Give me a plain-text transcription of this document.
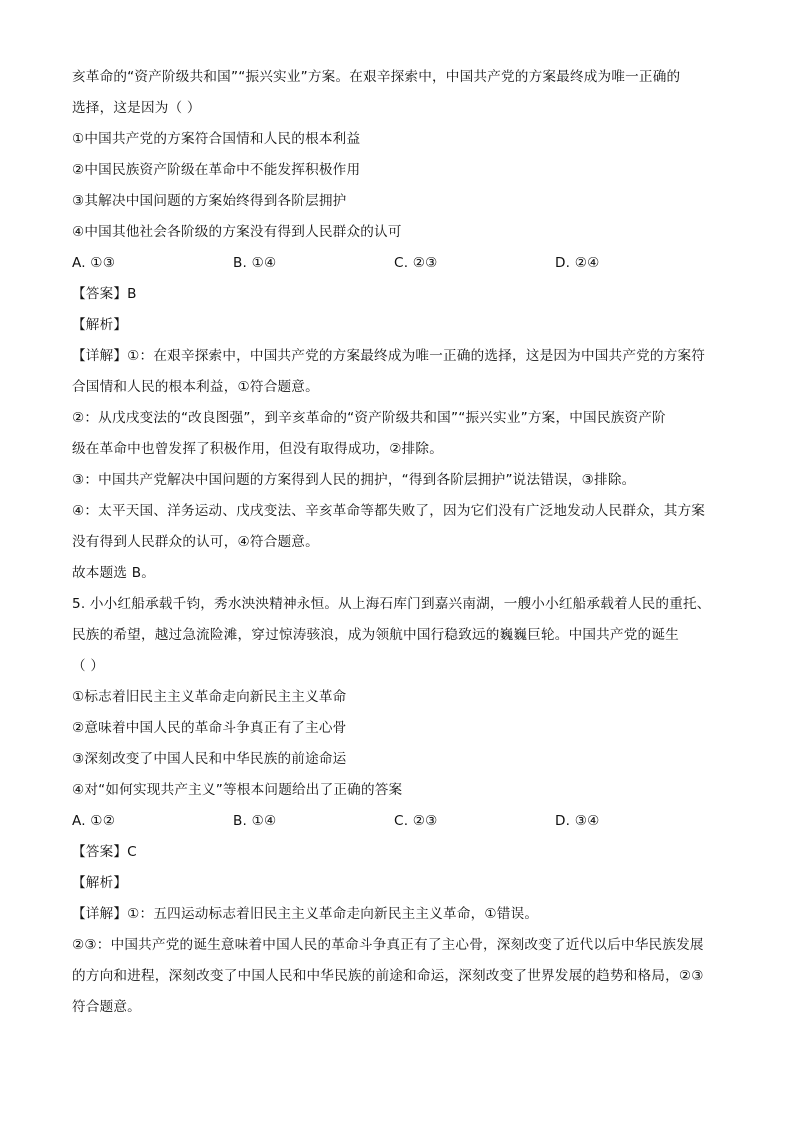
亥革命的“资产阶级共和国”“振兴实业”方案。在艰辛探索中，中国共产党的方案最终成为唯一正确的
选择，这是因为（ ）
①中国共产党的方案符合国情和人民的根本利益
②中国民族资产阶级在革命中不能发挥积极作用
③其解决中国问题的方案始终得到各阶层拥护
④中国其他社会各阶级的方案没有得到人民群众的认可
A. ①③	B. ①④	C. ②③	D. ②④
【答案】B
【解析】
【详解】①：在艰辛探索中，中国共产党的方案最终成为唯一正确的选择，这是因为中国共产党的方案符
合国情和人民的根本利益，①符合题意。
②：从戊戌变法的“改良图强”，到辛亥革命的“资产阶级共和国”“振兴实业”方案，中国民族资产阶
级在革命中也曾发挥了积极作用，但没有取得成功，②排除。
③：中国共产党解决中国问题的方案得到人民的拥护，“得到各阶层拥护”说法错误，③排除。
④：太平天国、洋务运动、戊戌变法、辛亥革命等都失败了，因为它们没有广泛地发动人民群众，其方案
没有得到人民群众的认可，④符合题意。
故本题选 B。
5. 小小红船承载千钧，秀水泱泱精神永恒。从上海石库门到嘉兴南湖，一艘小小红船承载着人民的重托、
民族的希望，越过急流险滩，穿过惊涛骇浪，成为领航中国行稳致远的巍巍巨轮。中国共产党的诞生
（ ）
①标志着旧民主主义革命走向新民主主义革命
②意味着中国人民的革命斗争真正有了主心骨
③深刻改变了中国人民和中华民族的前途命运
④对“如何实现共产主义”等根本问题给出了正确的答案
A. ①②	B. ①④	C. ②③	D. ③④
【答案】C
【解析】
【详解】①：五四运动标志着旧民主主义革命走向新民主主义革命，①错误。
②③：中国共产党的诞生意味着中国人民的革命斗争真正有了主心骨，深刻改变了近代以后中华民族发展
的方向和进程，深刻改变了中国人民和中华民族的前途和命运，深刻改变了世界发展的趋势和格局，②③
符合题意。
